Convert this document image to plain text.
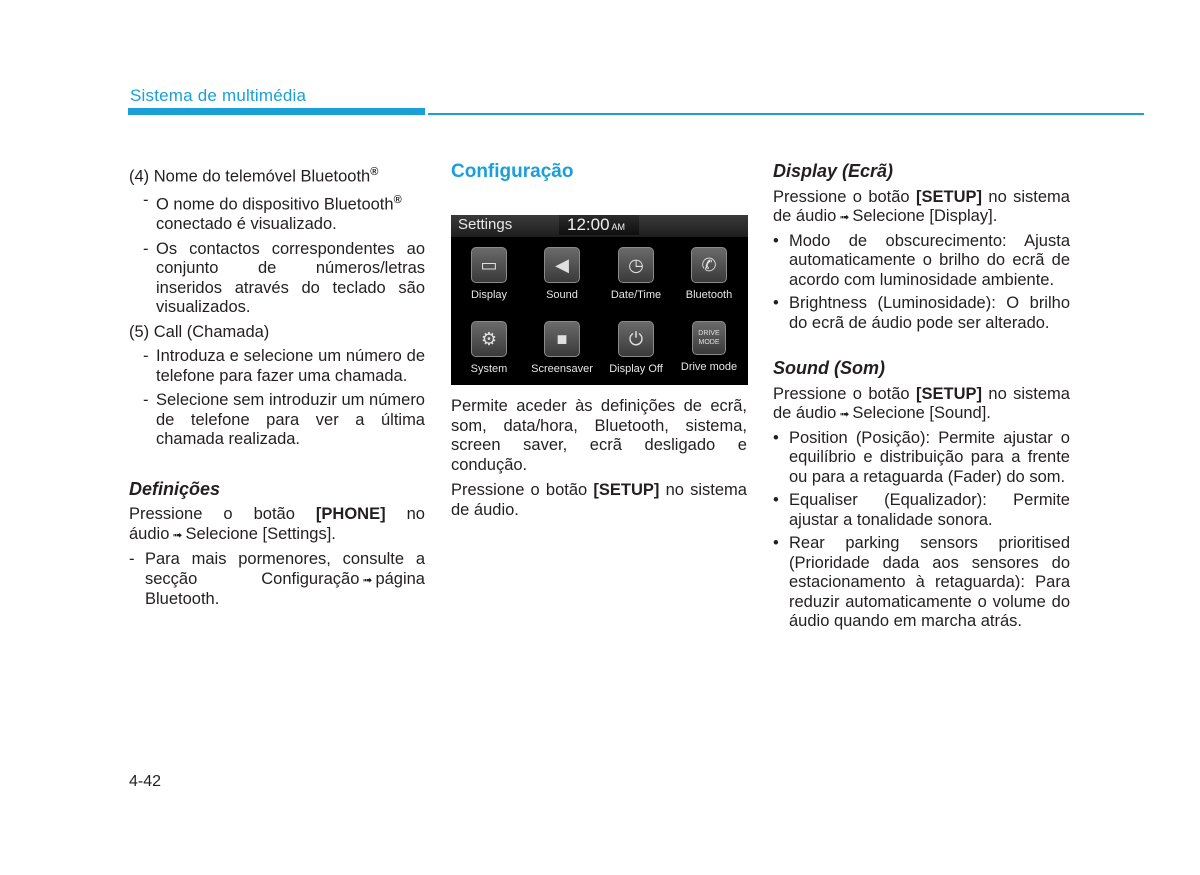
Sistema de multimédia

(4) Nome do telemóvel Bluetooth®

- O nome do dispositivo Bluetooth®
conectado é visualizado.
- Os contactos correspondentes ao conjunto de números/letras inseridos através do teclado são visualizados.

(5) Call (Chamada)

- Introduza e selecione um número de telefone para fazer uma chamada.
- Selecione sem introduzir um número de telefone para ver a última chamada realizada.

Definições

Pressione o botão [PHONE] no áudio ➟ Selecione [Settings].

- Para mais pormenores, consulte a secção Configuração ➟ página Bluetooth.
Configuração
Settings	12:00 AM
▭
Display
◀
Sound
◷
Date/Time
✆
Bluetooth
⚙
System
■
Screensaver
⏻
Display Off
DRIVE MODE
Drive mode

Permite aceder às definições de ecrã, som, data/hora, Bluetooth, sistema, screen saver, ecrã desligado e condução.

Pressione o botão [SETUP] no sistema de áudio.

Display (Ecrã)

Pressione o botão [SETUP] no sistema de áudio ➟ Selecione [Display].

• Modo de obscurecimento: Ajusta automaticamente o brilho do ecrã de acordo com luminosidade ambiente.
• Brightness (Luminosidade): O brilho do ecrã de áudio pode ser alterado.

Sound (Som)

Pressione o botão [SETUP] no sistema de áudio ➟ Selecione [Sound].

• Position (Posição): Permite ajustar o equilíbrio e distribuição para a frente ou para a retaguarda (Fader) do som.
• Equaliser (Equalizador): Permite ajustar a tonalidade sonora.
• Rear parking sensors prioritised (Prioridade dada aos sensores do estacionamento à retaguarda): Para reduzir automaticamente o volume do áudio quando em marcha atrás.
4-42
